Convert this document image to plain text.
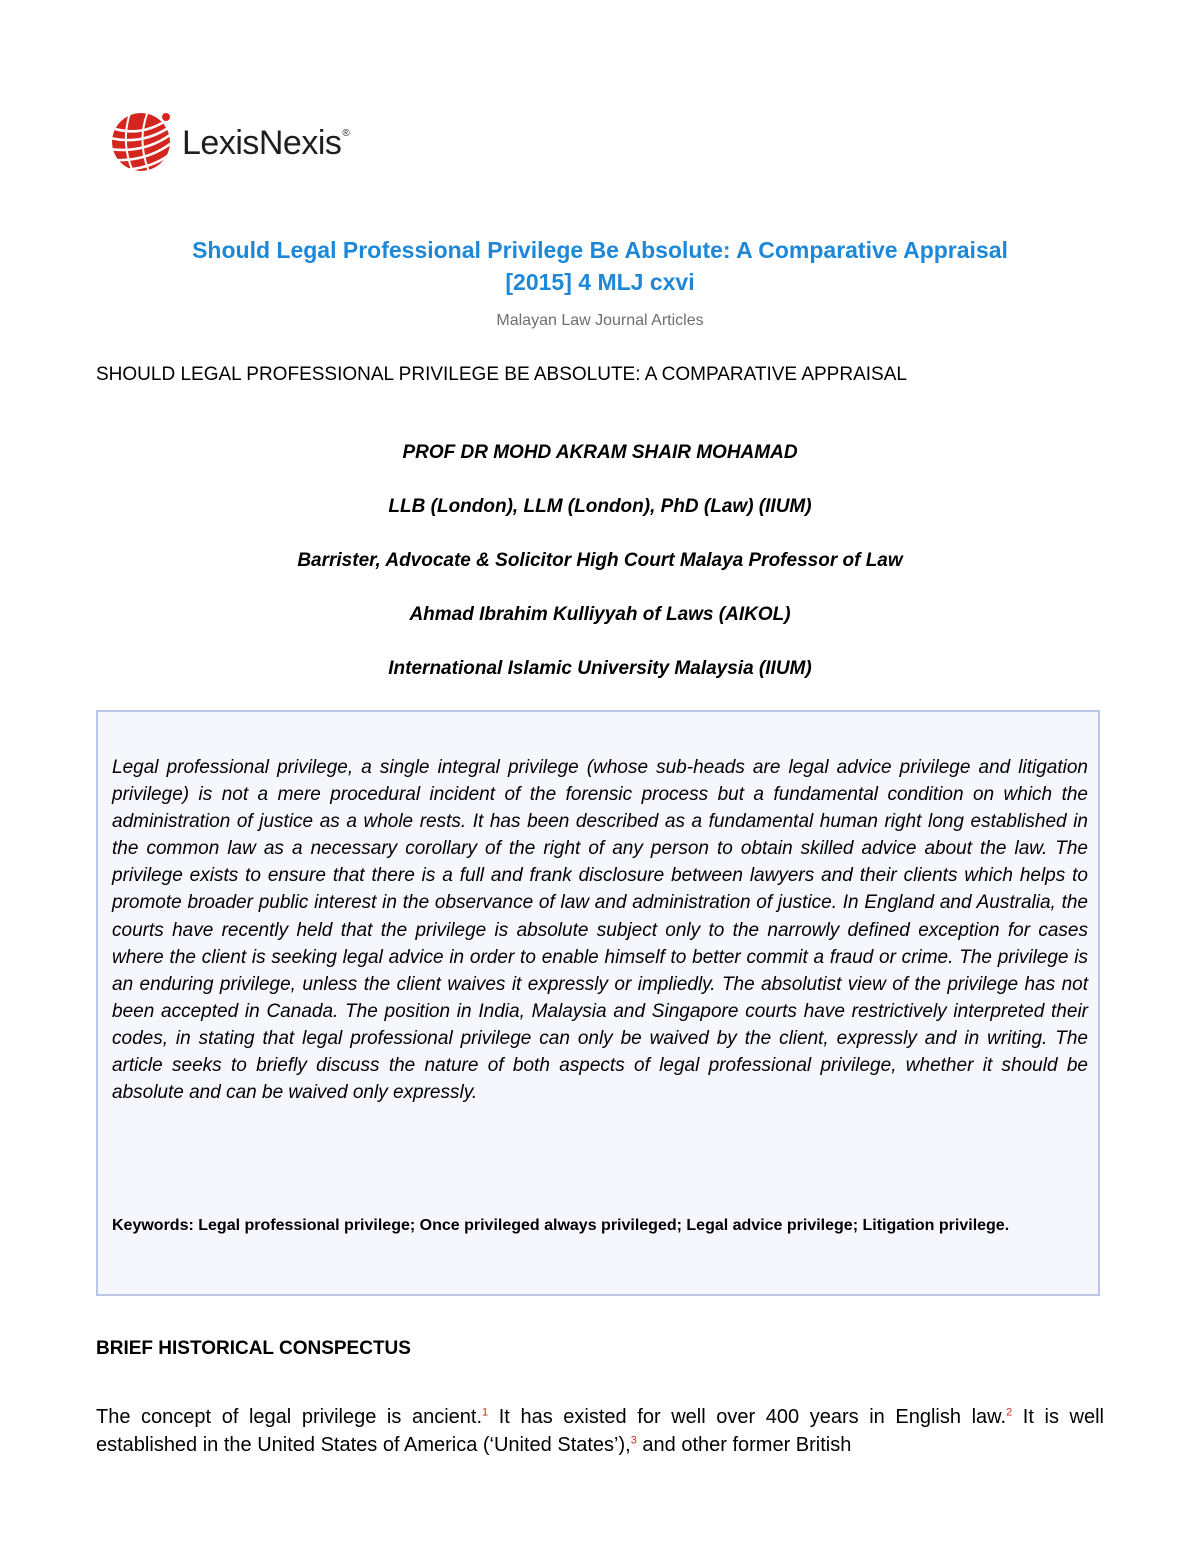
LexisNexis®
Should Legal Professional Privilege Be Absolute: A Comparative Appraisal
[2015] 4 MLJ cxvi
Malayan Law Journal Articles
SHOULD LEGAL PROFESSIONAL PRIVILEGE BE ABSOLUTE: A COMPARATIVE APPRAISAL
PROF DR MOHD AKRAM SHAIR MOHAMAD
LLB (London), LLM (London), PhD (Law) (IIUM)
Barrister, Advocate & Solicitor High Court Malaya Professor of Law
Ahmad Ibrahim Kulliyyah of Laws (AIKOL)
International Islamic University Malaysia (IIUM)

Legal professional privilege, a single integral privilege (whose sub-heads are legal advice privilege and litigation privilege) is not a mere procedural incident of the forensic process but a fundamental condition on which the administration of justice as a whole rests. It has been described as a fundamental human right long established in the common law as a necessary corollary of the right of any person to obtain skilled advice about the law. The privilege exists to ensure that there is a full and frank disclosure between lawyers and their clients which helps to promote broader public interest in the observance of law and administration of justice. In England and Australia, the courts have recently held that the privilege is absolute subject only to the narrowly defined exception for cases where the client is seeking legal advice in order to enable himself to better commit a fraud or crime. The privilege is an enduring privilege, unless the client waives it expressly or impliedly. The absolutist view of the privilege has not been accepted in Canada. The position in India, Malaysia and Singapore courts have restrictively interpreted their codes, in stating that legal professional privilege can only be waived by the client, expressly and in writing. The article seeks to briefly discuss the nature of both aspects of legal professional privilege, whether it should be absolute and can be waived only expressly.

Keywords: Legal professional privilege; Once privileged always privileged; Legal advice privilege; Litigation privilege.

BRIEF HISTORICAL CONSPECTUS

The concept of legal privilege is ancient.$^1$ It has existed for well over 400 years in English law.$^2$ It is well established in the United States of America (‘United States’),$^3$ and other former British
